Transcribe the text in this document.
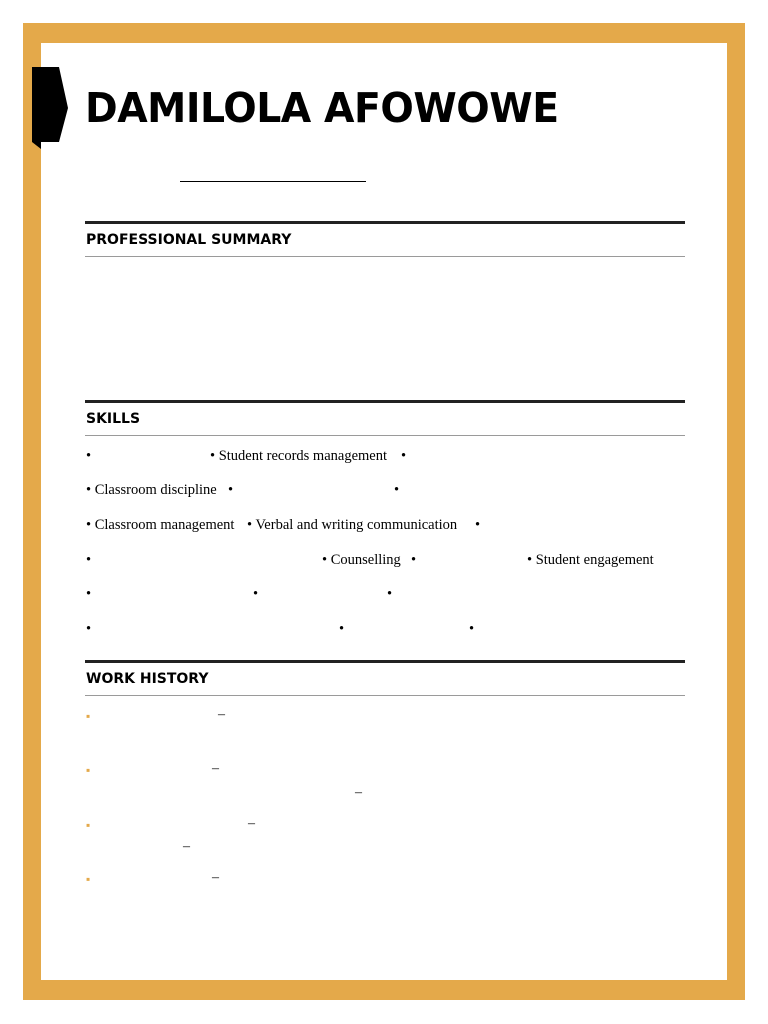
DAMILOLA AFOWOWE
PROFESSIONAL SUMMARY
SKILLS
•	• Student records management •
• Classroom discipline •	•
• Classroom management • Verbal and writing communication •
•	• Counselling •	• Student engagement
•	•	•
•	•	•
WORK HISTORY
▪	–
▪	–
–
▪	–
–
▪	–
